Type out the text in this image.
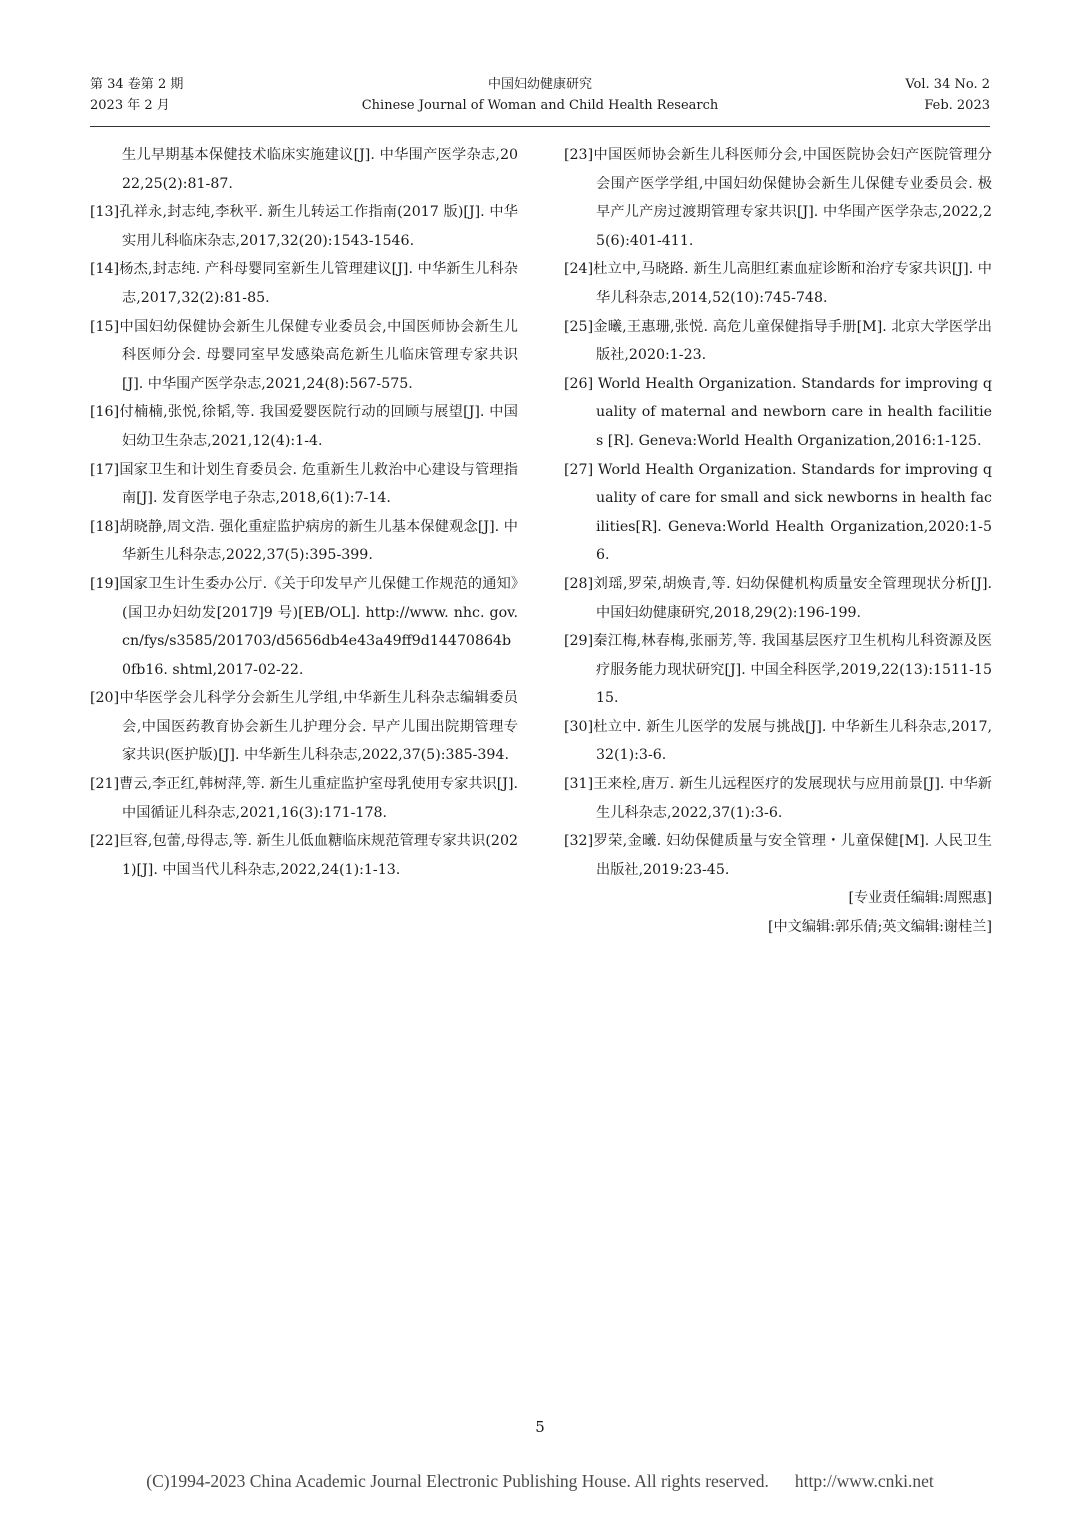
第 34 卷第 2 期
2023 年 2 月
中国妇幼健康研究
Chinese Journal of Woman and Child Health Research
Vol. 34 No. 2
Feb. 2023

生儿早期基本保健技术临床实施建议[J]. 中华围产医学杂志,2022,25(2):81-87.

[13]孔祥永,封志纯,李秋平. 新生儿转运工作指南(2017 版)[J]. 中华实用儿科临床杂志,2017,32(20):1543-1546.

[14]杨杰,封志纯. 产科母婴同室新生儿管理建议[J]. 中华新生儿科杂志,2017,32(2):81-85.

[15]中国妇幼保健协会新生儿保健专业委员会,中国医师协会新生儿科医师分会. 母婴同室早发感染高危新生儿临床管理专家共识[J]. 中华围产医学杂志,2021,24(8):567-575.

[16]付楠楠,张悦,徐韬,等. 我国爱婴医院行动的回顾与展望[J]. 中国妇幼卫生杂志,2021,12(4):1-4.

[17]国家卫生和计划生育委员会. 危重新生儿救治中心建设与管理指南[J]. 发育医学电子杂志,2018,6(1):7-14.

[18]胡晓静,周文浩. 强化重症监护病房的新生儿基本保健观念[J]. 中华新生儿科杂志,2022,37(5):395-399.

[19]国家卫生计生委办公厅.《关于印发早产儿保健工作规范的通知》(国卫办妇幼发[2017]9 号)[EB/OL]. http://www. nhc. gov. cn/fys/s3585/201703/d5656db4e43a49ff9d14470864b0fb16. shtml,2017-02-22.

[20]中华医学会儿科学分会新生儿学组,中华新生儿科杂志编辑委员会,中国医药教育协会新生儿护理分会. 早产儿围出院期管理专家共识(医护版)[J]. 中华新生儿科杂志,2022,37(5):385-394.

[21]曹云,李正红,韩树萍,等. 新生儿重症监护室母乳使用专家共识[J]. 中国循证儿科杂志,2021,16(3):171-178.

[22]巨容,包蕾,母得志,等. 新生儿低血糖临床规范管理专家共识(2021)[J]. 中国当代儿科杂志,2022,24(1):1-13.

[23]中国医师协会新生儿科医师分会,中国医院协会妇产医院管理分会围产医学学组,中国妇幼保健协会新生儿保健专业委员会. 极早产儿产房过渡期管理专家共识[J]. 中华围产医学杂志,2022,25(6):401-411.

[24]杜立中,马晓路. 新生儿高胆红素血症诊断和治疗专家共识[J]. 中华儿科杂志,2014,52(10):745-748.

[25]金曦,王惠珊,张悦. 高危儿童保健指导手册[M]. 北京大学医学出版社,2020:1-23.

[26] World Health Organization. Standards for improving quality of maternal and newborn care in health facilities [R]. Geneva:World Health Organization,2016:1-125.

[27] World Health Organization. Standards for improving quality of care for small and sick newborns in health facilities[R]. Geneva:World Health Organization,2020:1-56.

[28]刘瑶,罗荣,胡焕青,等. 妇幼保健机构质量安全管理现状分析[J]. 中国妇幼健康研究,2018,29(2):196-199.

[29]秦江梅,林春梅,张丽芳,等. 我国基层医疗卫生机构儿科资源及医疗服务能力现状研究[J]. 中国全科医学,2019,22(13):1511-1515.

[30]杜立中. 新生儿医学的发展与挑战[J]. 中华新生儿科杂志,2017,32(1):3-6.

[31]王来栓,唐万. 新生儿远程医疗的发展现状与应用前景[J]. 中华新生儿科杂志,2022,37(1):3-6.

[32]罗荣,金曦. 妇幼保健质量与安全管理・儿童保健[M]. 人民卫生出版社,2019:23-45.

[专业责任编辑:周熙惠]

[中文编辑:郭乐倩;英文编辑:谢桂兰]

5
(C)1994-2023 China Academic Journal Electronic Publishing House. All rights reserved. http://www.cnki.net
